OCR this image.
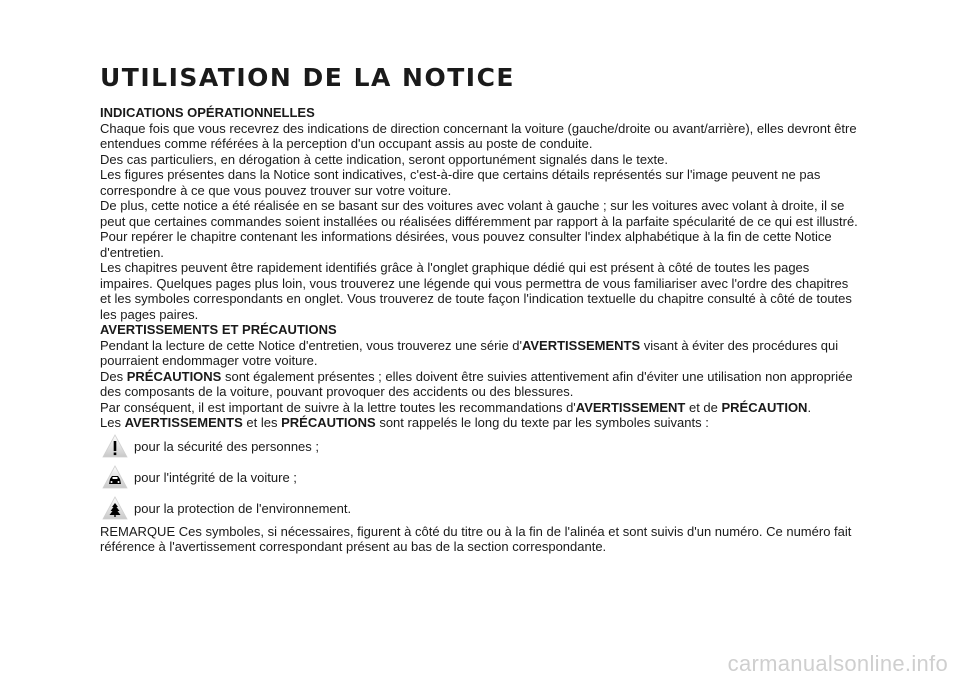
UTILISATION DE LA NOTICE
INDICATIONS OPÉRATIONNELLES

Chaque fois que vous recevrez des indications de direction concernant la voiture (gauche/droite ou avant/arrière), elles devront être entendues comme référées à la perception d'un occupant assis au poste de conduite.

Des cas particuliers, en dérogation à cette indication, seront opportunément signalés dans le texte.

Les figures présentes dans la Notice sont indicatives, c'est-à-dire que certains détails représentés sur l'image peuvent ne pas correspondre à ce que vous pouvez trouver sur votre voiture.

De plus, cette notice a été réalisée en se basant sur des voitures avec volant à gauche ; sur les voitures avec volant à droite, il se peut que certaines commandes soient installées ou réalisées différemment par rapport à la parfaite spécularité de ce qui est illustré.

Pour repérer le chapitre contenant les informations désirées, vous pouvez consulter l'index alphabétique à la fin de cette Notice d'entretien.

Les chapitres peuvent être rapidement identifiés grâce à l'onglet graphique dédié qui est présent à côté de toutes les pages impaires. Quelques pages plus loin, vous trouverez une légende qui vous permettra de vous familiariser avec l'ordre des chapitres et les symboles correspondants en onglet. Vous trouverez de toute façon l'indication textuelle du chapitre consulté à côté de toutes les pages paires.

AVERTISSEMENTS ET PRÉCAUTIONS

Pendant la lecture de cette Notice d'entretien, vous trouverez une série d'AVERTISSEMENTS visant à éviter des procédures qui pourraient endommager votre voiture.

Des PRÉCAUTIONS sont également présentes ; elles doivent être suivies attentivement afin d'éviter une utilisation non appropriée des composants de la voiture, pouvant provoquer des accidents ou des blessures.

Par conséquent, il est important de suivre à la lettre toutes les recommandations d'AVERTISSEMENT et de PRÉCAUTION.

Les AVERTISSEMENTS et les PRÉCAUTIONS sont rappelés le long du texte par les symboles suivants :

pour la sécurité des personnes ;
pour l'intégrité de la voiture ;
pour la protection de l'environnement.

REMARQUE Ces symboles, si nécessaires, figurent à côté du titre ou à la fin de l'alinéa et sont suivis d'un numéro. Ce numéro fait référence à l'avertissement correspondant présent au bas de la section correspondante.

carmanualsonline.info
